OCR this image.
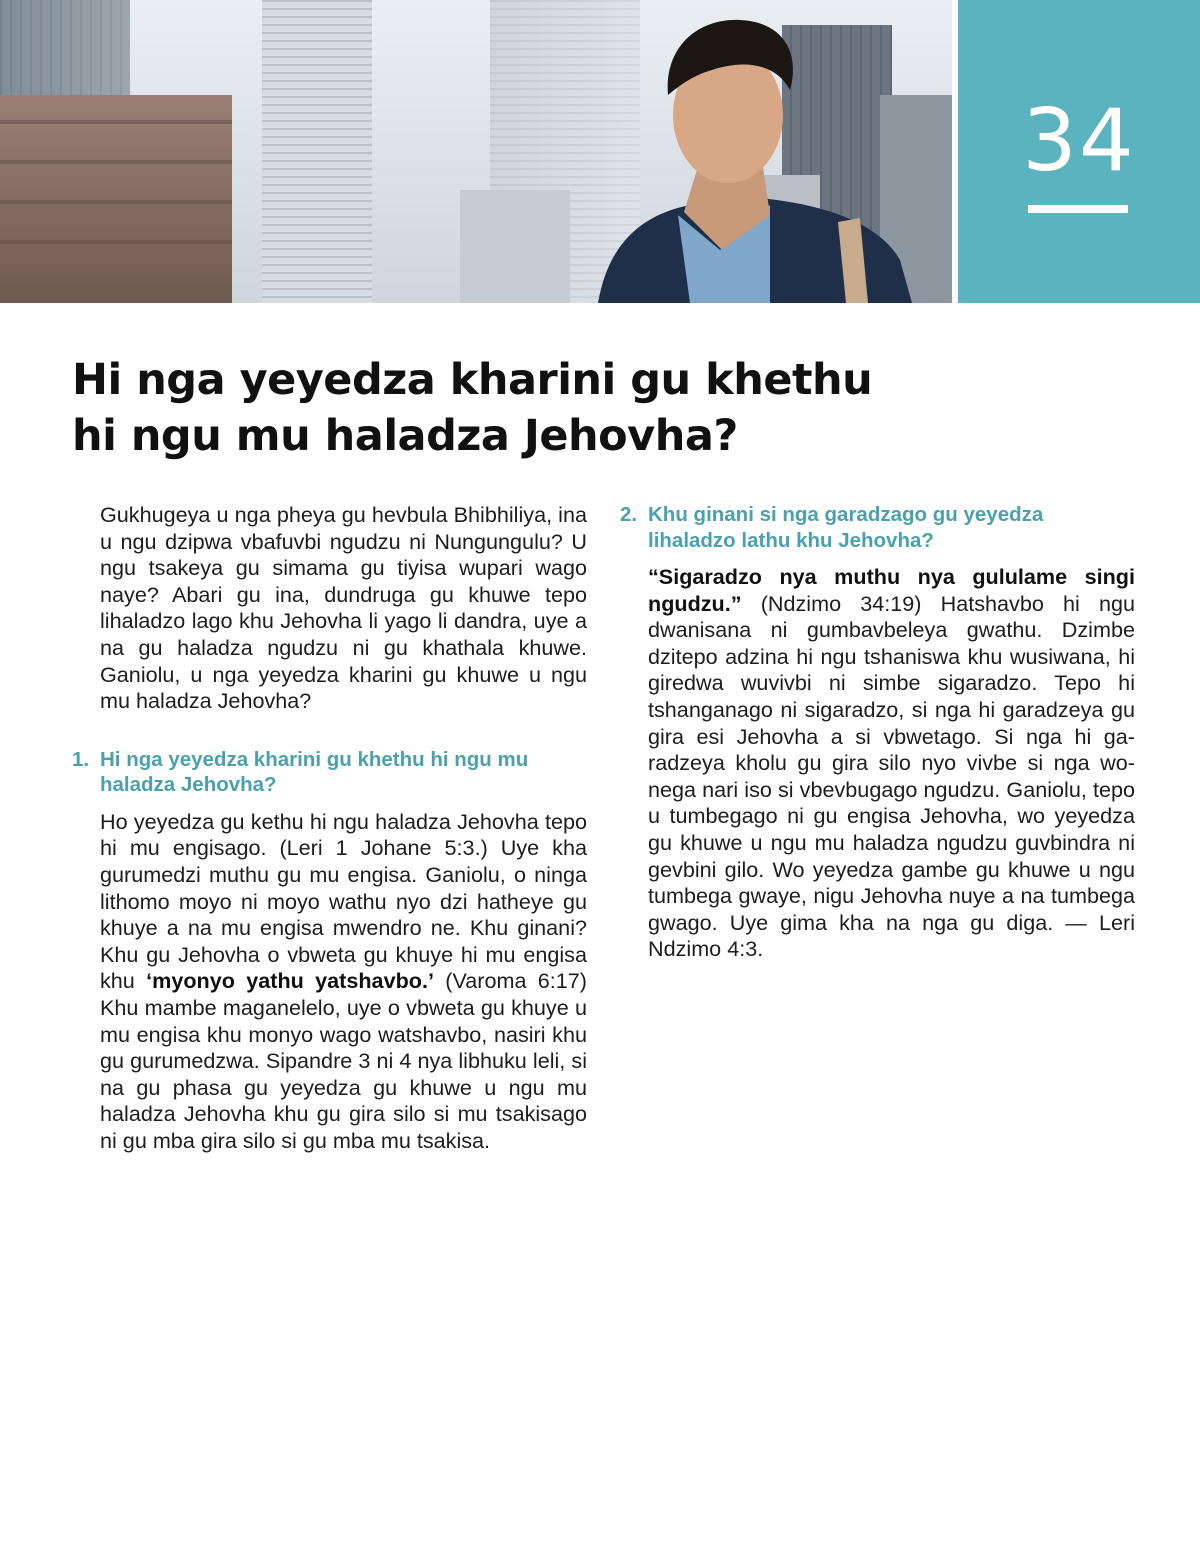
34
Hi nga yeyedza kharini gu khethu
hi ngu mu haladza Jehovha?

Gukhugeya u nga pheya gu hevbula Bhibhiliya, ina u ngu dzipwa vbafuvbi ngudzu ni Nungungulu? U ngu tsakeya gu simama gu tiyisa wupari wago naye? Abari gu ina, dundruga gu khuwe tepo lihaladzo lago khu Jehovha li yago li dandra, uye a na gu haladza ngudzu ni gu khathala khuwe. Ganiolu, u nga yeyedza kharini gu khuwe u ngu mu haladza Jehovha?

1. Hi nga yeyedza kharini gu khethu hi ngu mu haladza Jehovha?

Ho yeyedza gu kethu hi ngu haladza Jehovha tepo hi mu engisago. (Leri 1 Johane 5:3.) Uye kha gurumedzi muthu gu mu engisa. Ganiolu, o ninga lithomo moyo ni moyo wathu nyo dzi hatheye gu khuye a na mu engisa mwendro ne. Khu ginani? Khu gu Jehovha o vbweta gu khuye hi mu engisa khu ‘myonyo yathu yatshavbo.’ (Varoma 6:17) Khu mambe maganelelo, uye o vbweta gu khuye u mu engisa khu monyo wago watshavbo, nasiri khu gu gurumedzwa. Sipandre 3 ni 4 nya libhuku leli, si na gu phasa gu yeyedza gu khuwe u ngu mu haladza Jehovha khu gu gira silo si mu tsakisago ni gu mba gira silo si gu mba mu tsakisa.

2. Khu ginani si nga garadzago gu yeyedza lihaladzo lathu khu Jehovha?

“Sigaradzo nya muthu nya gululame singi ngudzu.” (Ndzimo 34:19) Hatshavbo hi ngu dwanisana ni gumbavbeleya gwathu. Dzimbe dzitepo adzina hi ngu tshaniswa khu wusiwana, hi giredwa wuvivbi ni simbe sigaradzo. Tepo hi tshanganago ni sigaradzo, si nga hi garadzeya gu gira esi Jehovha a si vbwetago. Si nga hi garadzeya kholu gu gira silo nyo vivbe si nga wonega nari iso si vbevbugago ngudzu. Ganiolu, tepo u tumbegago ni gu engisa Jehovha, wo yeyedza gu khuwe u ngu mu haladza ngudzu guvbindra ni gevbini gilo. Wo yeyedza gambe gu khuwe u ngu tumbega gwaye, nigu Jehovha nuye a na tumbega gwago. Uye gima kha na nga gu diga. — Leri Ndzimo 4:3.
